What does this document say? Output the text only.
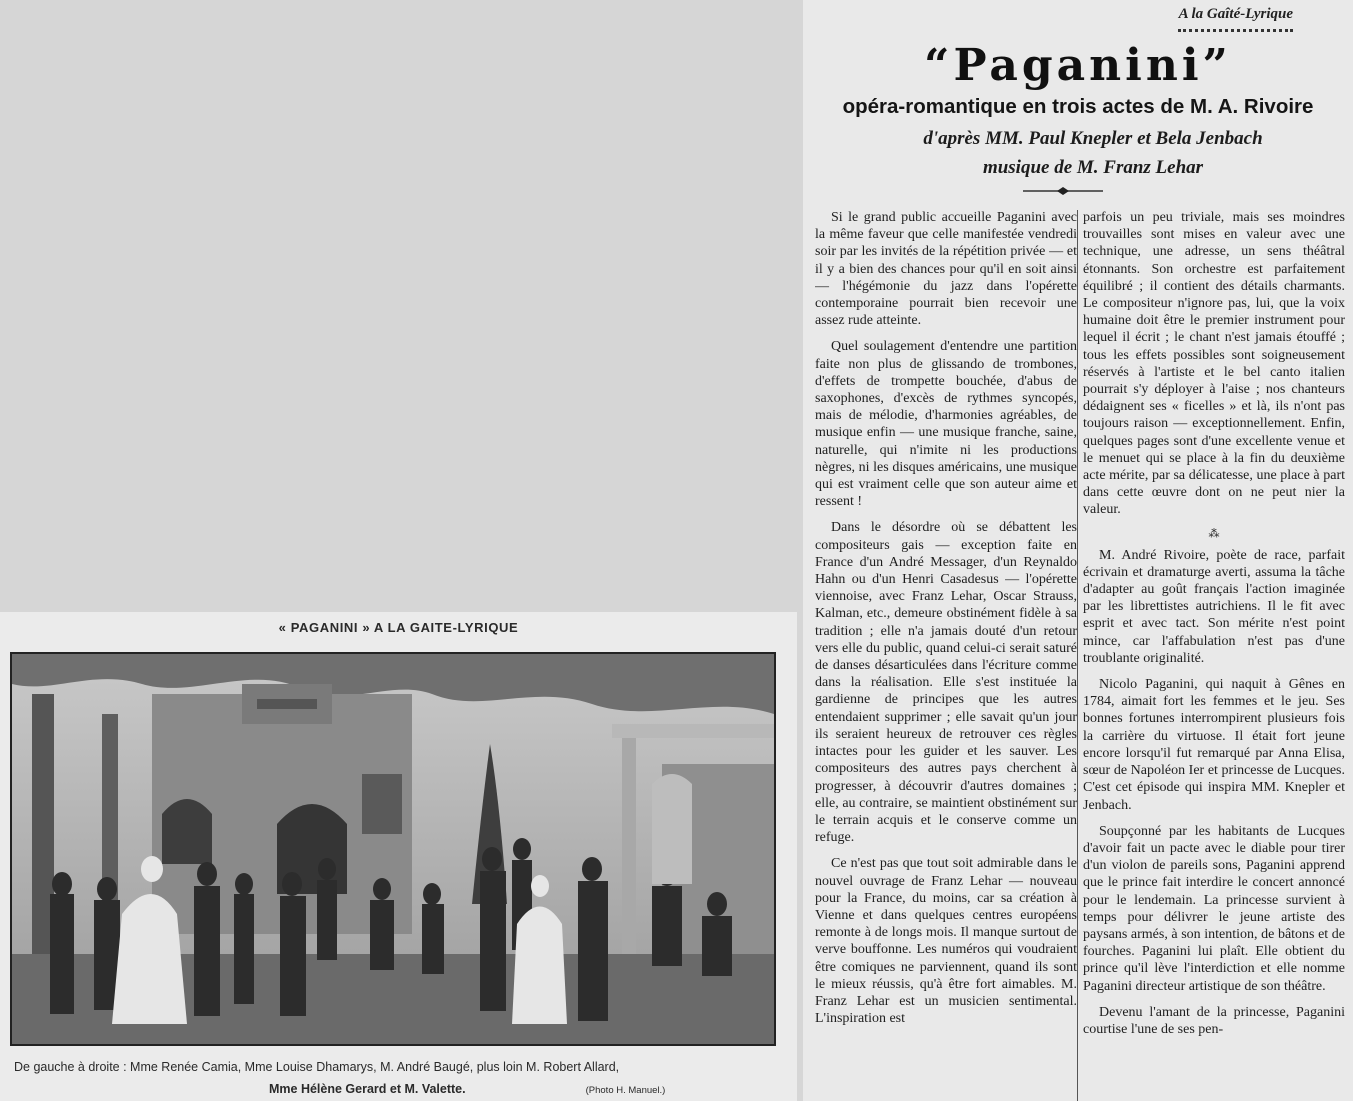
« PAGANINI » A LA GAITE-LYRIQUE
De gauche à droite : Mme Renée Camia, Mme Louise Dhamarys, M. André Baugé, plus loin M. Robert Allard,
Mme Hélène Gerard et M. Valette.	(Photo H. Manuel.)
A la Gaîté-Lyrique
“Paganini”
opéra-romantique en trois actes de M. A. Rivoire
d'après MM. Paul Knepler et Bela Jenbach
musique de M. Franz Lehar

Si le grand public accueille Paganini avec la même faveur que celle manifestée vendredi soir par les invités de la répétition privée — et il y a bien des chances pour qu'il en soit ainsi — l'hégémonie du jazz dans l'opérette contemporaine pourrait bien recevoir une assez rude atteinte.

Quel soulagement d'entendre une partition faite non plus de glissando de trombones, d'effets de trompette bouchée, d'abus de saxophones, d'excès de rythmes syncopés, mais de mélodie, d'harmonies agréables, de musique enfin — une musique franche, saine, naturelle, qui n'imite ni les productions nègres, ni les disques américains, une musique qui est vraiment celle que son auteur aime et ressent !

Dans le désordre où se débattent les compositeurs gais — exception faite en France d'un André Messager, d'un Reynaldo Hahn ou d'un Henri Casadesus — l'opérette viennoise, avec Franz Lehar, Oscar Strauss, Kalman, etc., demeure obstinément fidèle à sa tradition ; elle n'a jamais douté d'un retour vers elle du public, quand celui-ci serait saturé de danses désarticulées dans l'écriture comme dans la réalisation. Elle s'est instituée la gardienne de principes que les autres entendaient supprimer ; elle savait qu'un jour ils seraient heureux de retrouver ces règles intactes pour les guider et les sauver. Les compositeurs des autres pays cherchent à progresser, à découvrir d'autres domaines ; elle, au contraire, se maintient obstinément sur le terrain acquis et le conserve comme un refuge.

Ce n'est pas que tout soit admirable dans le nouvel ouvrage de Franz Lehar — nouveau pour la France, du moins, car sa création à Vienne et dans quelques centres européens remonte à de longs mois. Il manque surtout de verve bouffonne. Les numéros qui voudraient être comiques ne parviennent, quand ils sont le mieux réussis, qu'à être fort aimables. M. Franz Lehar est un musicien sentimental. L'inspiration est

parfois un peu triviale, mais ses moindres trouvailles sont mises en valeur avec une technique, une adresse, un sens théâtral étonnants. Son orchestre est parfaitement équilibré ; il contient des détails charmants. Le compositeur n'ignore pas, lui, que la voix humaine doit être le premier instrument pour lequel il écrit ; le chant n'est jamais étouffé ; tous les effets possibles sont soigneusement réservés à l'artiste et le bel canto italien pourrait s'y déployer à l'aise ; nos chanteurs dédaignent ses « ficelles » et là, ils n'ont pas toujours raison — exceptionnellement. Enfin, quelques pages sont d'une excellente venue et le menuet qui se place à la fin du deuxième acte mérite, par sa délicatesse, une place à part dans cette œuvre dont on ne peut nier la valeur.

⁂

M. André Rivoire, poète de race, parfait écrivain et dramaturge averti, assuma la tâche d'adapter au goût français l'action imaginée par les librettistes autrichiens. Il le fit avec esprit et avec tact. Son mérite n'est point mince, car l'affabulation n'est pas d'une troublante originalité.

Nicolo Paganini, qui naquit à Gênes en 1784, aimait fort les femmes et le jeu. Ses bonnes fortunes interrompirent plusieurs fois la carrière du virtuose. Il était fort jeune encore lorsqu'il fut remarqué par Anna Elisa, sœur de Napoléon Ier et princesse de Lucques. C'est cet épisode qui inspira MM. Knepler et Jenbach.

Soupçonné par les habitants de Lucques d'avoir fait un pacte avec le diable pour tirer d'un violon de pareils sons, Paganini apprend que le prince fait interdire le concert annoncé pour le lendemain. La princesse survient à temps pour délivrer le jeune artiste des paysans armés, à son intention, de bâtons et de fourches. Paganini lui plaît. Elle obtient du prince qu'il lève l'interdiction et elle nomme Paganini directeur artistique de son théâtre.

Devenu l'amant de la princesse, Paganini courtise l'une de ses pen-
